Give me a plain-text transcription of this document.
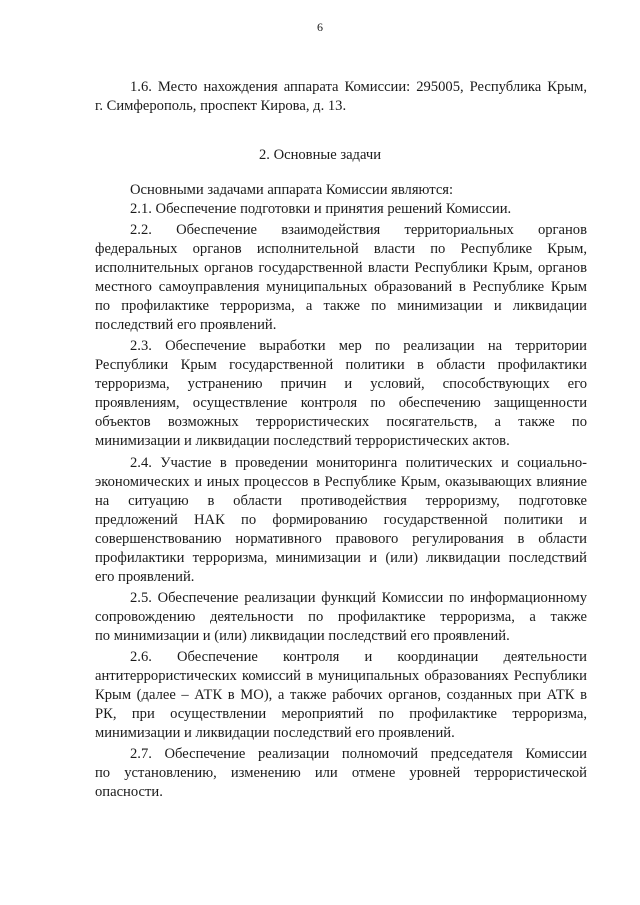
6
1.6. Место нахождения аппарата Комиссии: 295005, Республика Крым,
г. Симферополь, проспект Кирова, д. 13.
2. Основные задачи
Основными задачами аппарата Комиссии являются:
2.1. Обеспечение подготовки и принятия решений Комиссии.
2.2. Обеспечение взаимодействия территориальных органов
федеральных органов исполнительной власти по Республике Крым,
исполнительных органов государственной власти Республики Крым, органов
местного самоуправления муниципальных образований в Республике Крым
по профилактике терроризма, а также по минимизации и ликвидации
последствий его проявлений.
2.3. Обеспечение выработки мер по реализации на территории
Республики Крым государственной политики в области профилактики
терроризма, устранению причин и условий, способствующих его
проявлениям, осуществление контроля по обеспечению защищенности
объектов возможных террористических посягательств, а также по
минимизации и ликвидации последствий террористических актов.
2.4. Участие в проведении мониторинга политических и социально-
экономических и иных процессов в Республике Крым, оказывающих влияние
на ситуацию в области противодействия терроризму, подготовке
предложений НАК по формированию государственной политики и
совершенствованию нормативного правового регулирования в области
профилактики терроризма, минимизации и (или) ликвидации последствий
его проявлений.
2.5. Обеспечение реализации функций Комиссии по информационному
сопровождению деятельности по профилактике терроризма, а также
по минимизации и (или) ликвидации последствий его проявлений.
2.6. Обеспечение контроля и координации деятельности
антитеррористических комиссий в муниципальных образованиях Республики
Крым (далее – АТК в МО), а также рабочих органов, созданных при АТК в
РК, при осуществлении мероприятий по профилактике терроризма,
минимизации и ликвидации последствий его проявлений.
2.7. Обеспечение реализации полномочий председателя Комиссии
по установлению, изменению или отмене уровней террористической
опасности.
